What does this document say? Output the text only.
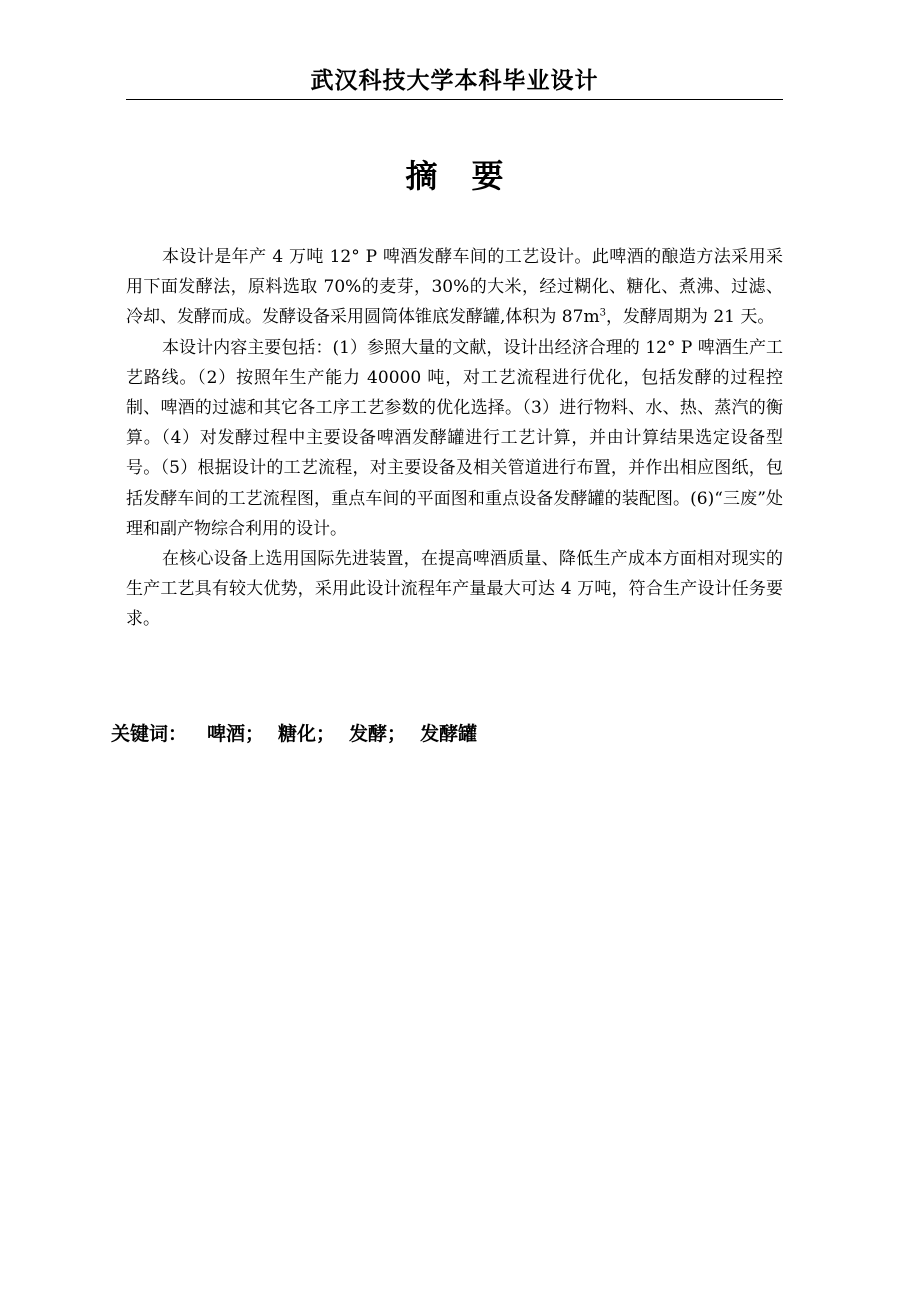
武汉科技大学本科毕业设计
摘要

本设计是年产 4 万吨 12° P 啤酒发酵车间的工艺设计。此啤酒的酿造方法采用采用下面发酵法，原料选取 70%的麦芽，30%的大米，经过糊化、糖化、煮沸、过滤、冷却、发酵而成。发酵设备采用圆筒体锥底发酵罐,体积为 $87m^3$，发酵周期为 21 天。

本设计内容主要包括：(1）参照大量的文献，设计出经济合理的 12° P 啤酒生产工艺路线。（2）按照年生产能力 40000 吨，对工艺流程进行优化，包括发酵的过程控制、啤酒的过滤和其它各工序工艺参数的优化选择。（3）进行物料、水、热、蒸汽的衡算。（4）对发酵过程中主要设备啤酒发酵罐进行工艺计算，并由计算结果选定设备型号。（5）根据设计的工艺流程，对主要设备及相关管道进行布置，并作出相应图纸，包括发酵车间的工艺流程图，重点车间的平面图和重点设备发酵罐的装配图。(6)“三废”处理和副产物综合利用的设计。

在核心设备上选用国际先进装置，在提高啤酒质量、降低生产成本方面相对现实的生产工艺具有较大优势，采用此设计流程年产量最大可达 4 万吨，符合生产设计任务要求。

关键词： 啤酒； 糖化； 发酵； 发酵罐
